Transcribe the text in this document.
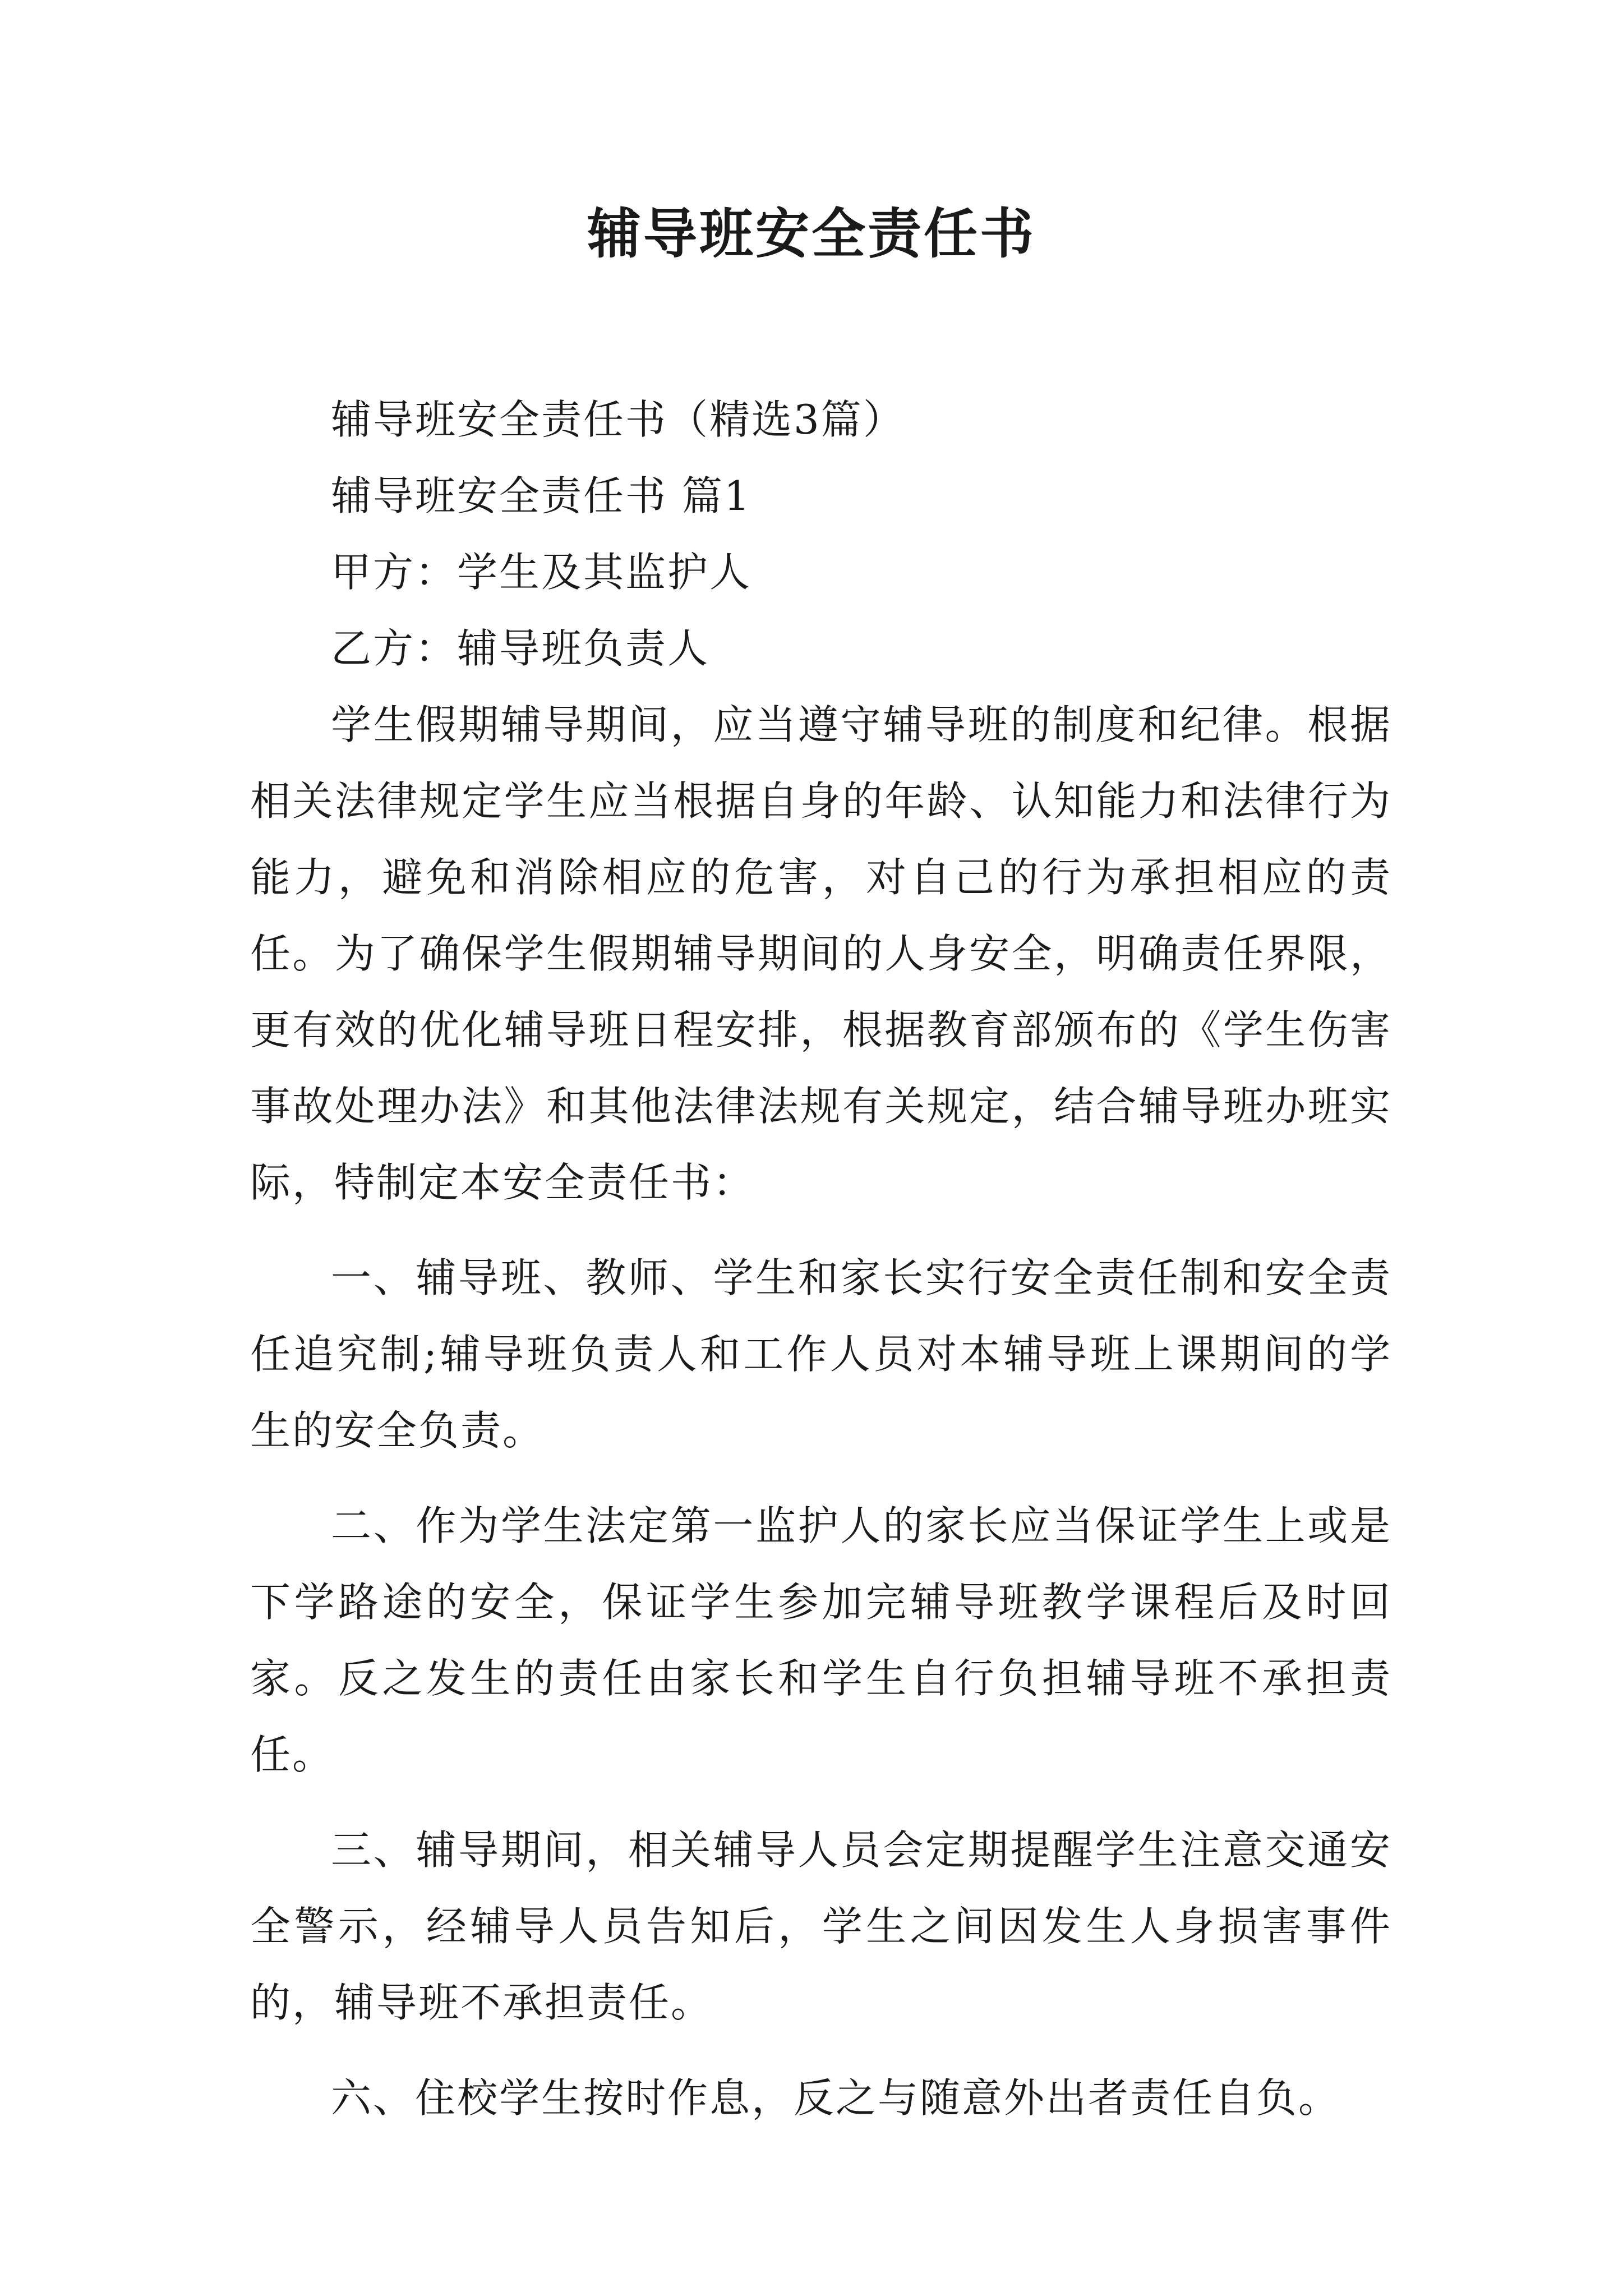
辅导班安全责任书

辅导班安全责任书（精选3篇）

辅导班安全责任书 篇1

甲方：学生及其监护人

乙方：辅导班负责人

学生假期辅导期间，应当遵守辅导班的制度和纪律。根据相关法律规定学生应当根据自身的年龄、认知能力和法律行为能力，避免和消除相应的危害，对自己的行为承担相应的责任。为了确保学生假期辅导期间的人身安全，明确责任界限，更有效的优化辅导班日程安排，根据教育部颁布的《学生伤害事故处理办法》和其他法律法规有关规定，结合辅导班办班实际，特制定本安全责任书：

一、辅导班、教师、学生和家长实行安全责任制和安全责任追究制;辅导班负责人和工作人员对本辅导班上课期间的学生的安全负责。

二、作为学生法定第一监护人的家长应当保证学生上或是下学路途的安全，保证学生参加完辅导班教学课程后及时回家。反之发生的责任由家长和学生自行负担辅导班不承担责任。

三、辅导期间，相关辅导人员会定期提醒学生注意交通安全警示，经辅导人员告知后，学生之间因发生人身损害事件的，辅导班不承担责任。

六、住校学生按时作息，反之与随意外出者责任自负。
